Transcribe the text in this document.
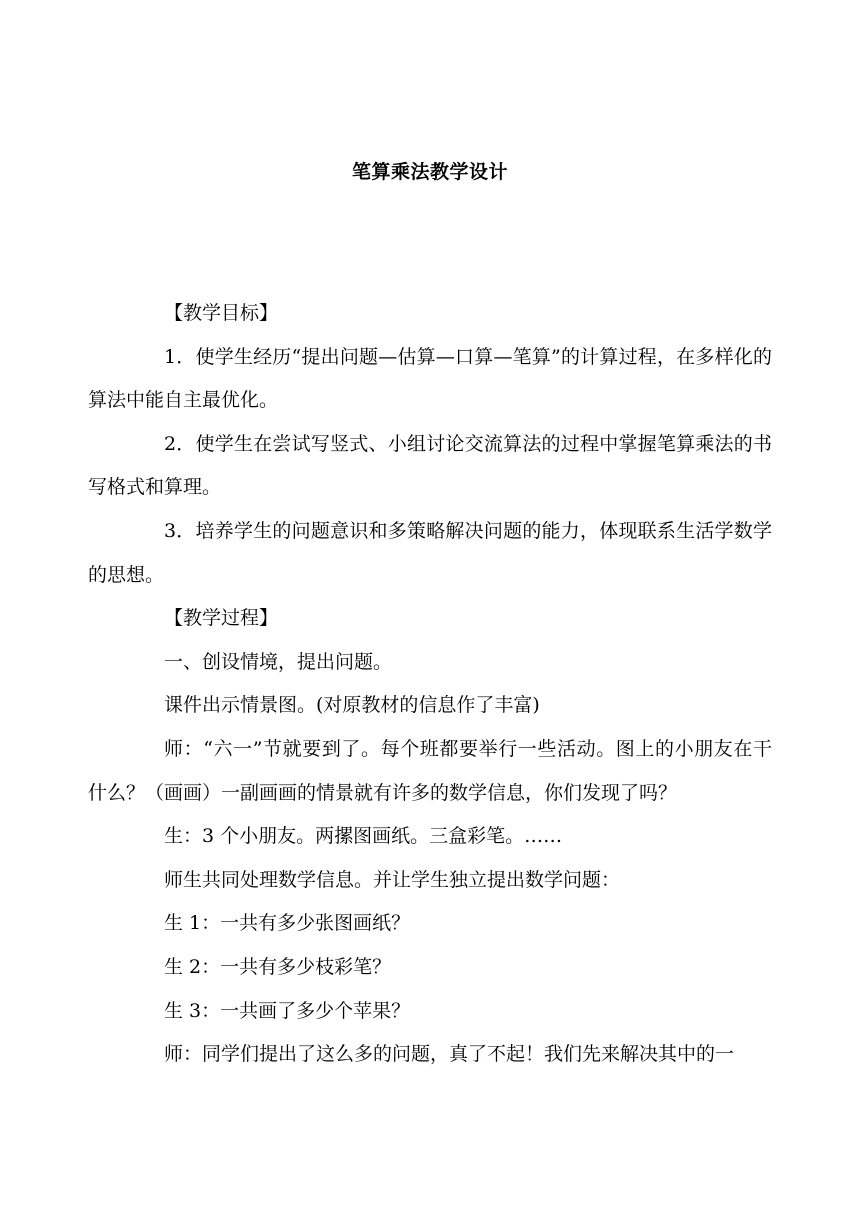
笔算乘法教学设计

【教学目标】

1．使学生经历“提出问题—估算—口算—笔算”的计算过程，在多样化的算法中能自主最优化。

2．使学生在尝试写竖式、小组讨论交流算法的过程中掌握笔算乘法的书写格式和算理。

3．培养学生的问题意识和多策略解决问题的能力，体现联系生活学数学的思想。

【教学过程】

一、创设情境，提出问题。

课件出示情景图。(对原教材的信息作了丰富)

师：“六一”节就要到了。每个班都要举行一些活动。图上的小朋友在干什么？（画画）一副画画的情景就有许多的数学信息，你们发现了吗？

生：3 个小朋友。两摞图画纸。三盒彩笔。……

师生共同处理数学信息。并让学生独立提出数学问题：

生 1：一共有多少张图画纸？

生 2：一共有多少枝彩笔？

生 3：一共画了多少个苹果？

师：同学们提出了这么多的问题，真了不起！我们先来解决其中的一
